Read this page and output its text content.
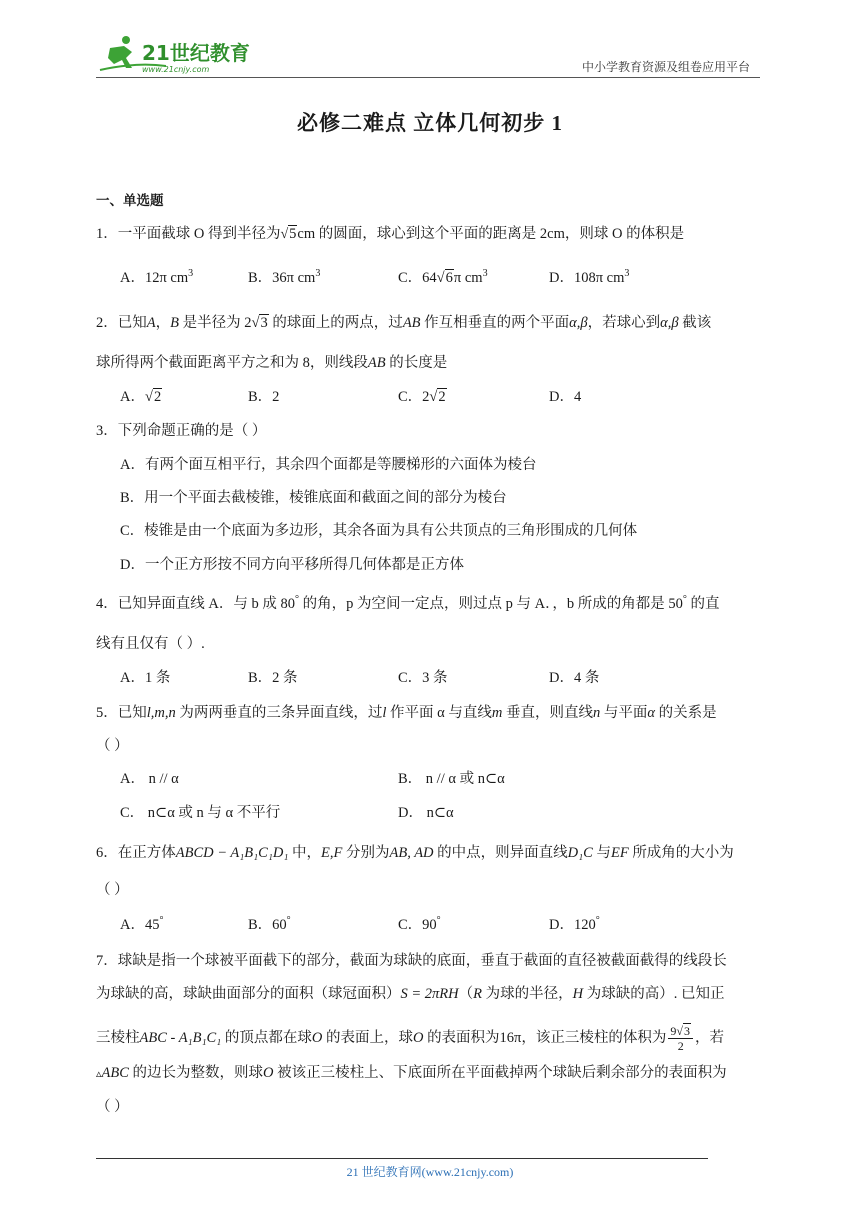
21世纪教育
www.21cnjy.com	中小学教育资源及组卷应用平台
必修二难点 立体几何初步 1
一、单选题
1．一平面截球 O 得到半径为√5cm 的圆面，球心到这个平面的距离是 2cm，则球 O 的体积是
A．12π $cm^3$	B．36π $cm^3$	C．64√6π $cm^3$	D．108π $cm^3$
2．已知A，B 是半径为 2√3 的球面上的两点，过AB 作互相垂直的两个平面α,β，若球心到α,β 截该
球所得两个截面距离平方之和为 8，则线段AB 的长度是
A．√2	B．2	C．2√2	D．4
3．下列命题正确的是（ ）
A．有两个面互相平行，其余四个面都是等腰梯形的六面体为棱台
B．用一个平面去截棱锥，棱锥底面和截面之间的部分为棱台
C．棱锥是由一个底面为多边形，其余各面为具有公共顶点的三角形围成的几何体
D．一个正方形按不同方向平移所得几何体都是正方体
4．已知异面直线 A．与 b 成 80° 的角，p 为空间一定点，则过点 p 与 A．，b 所成的角都是 50° 的直
线有且仅有（ ）.
A．1 条	B．2 条	C．3 条	D．4 条
5．已知l,m,n 为两两垂直的三条异面直线，过l 作平面 α 与直线m 垂直，则直线n 与平面α 的关系是
（ ）
A． n // α	B． n // α 或 n⊂α
C． n⊂α 或 n 与 α 不平行	D． n⊂α
6．在正方体ABCD − A₁B₁C₁D₁ 中，E,F 分别为AB, AD 的中点，则异面直线D₁C 与EF 所成角的大小为
（ ）
A．45°	B．60°	C．90°	D．120°
7．球缺是指一个球被平面截下的部分，截面为球缺的底面，垂直于截面的直径被截面截得的线段长
为球缺的高，球缺曲面部分的面积（球冠面积）S = 2πRH（R 为球的半径，H 为球缺的高）. 已知正
三棱柱ABC - A₁B₁C₁ 的顶点都在球O 的表面上，球O 的表面积为16π，该正三棱柱的体积为 $\frac{9√3}{2}$ ，若
▵ABC 的边长为整数，则球O 被该正三棱柱上、下底面所在平面截掉两个球缺后剩余部分的表面积为
（ ）
21 世纪教育网(www.21cnjy.com)
